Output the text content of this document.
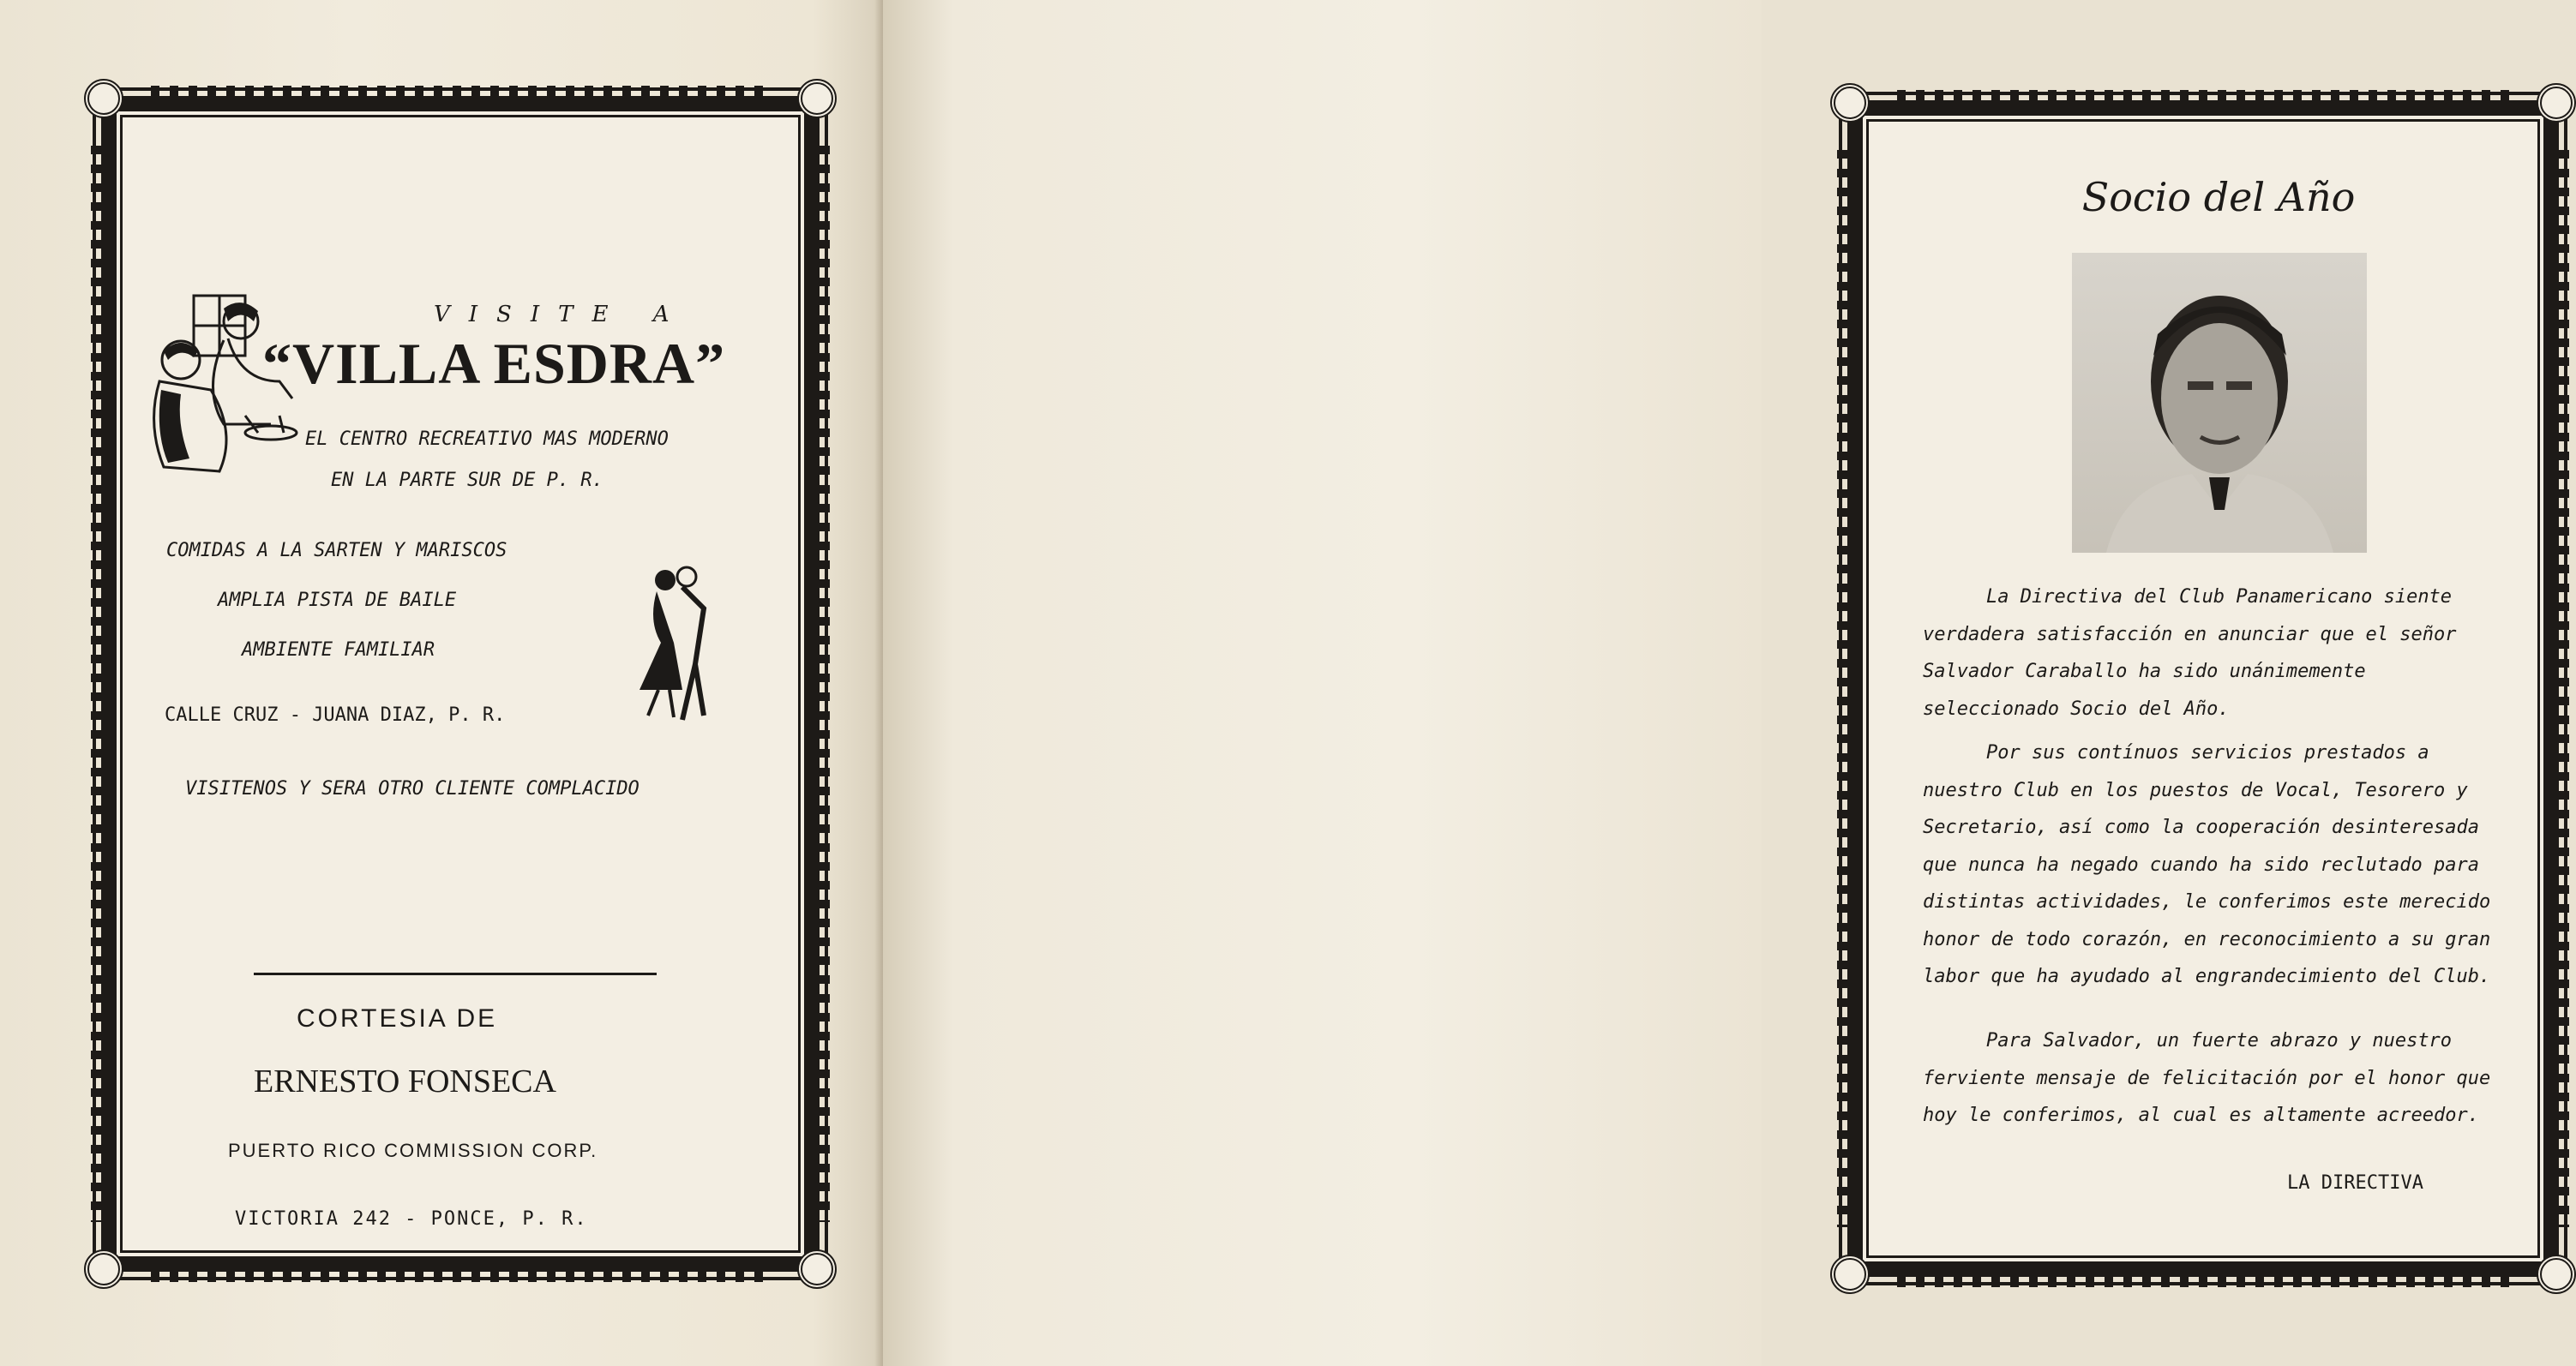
VISITE A

“VILLA ESDRA”

EL CENTRO RECREATIVO MAS MODERNO

EN LA PARTE SUR DE P. R.

COMIDAS A LA SARTEN Y MARISCOS

AMPLIA PISTA DE BAILE

AMBIENTE FAMILIAR

CALLE CRUZ - JUANA DIAZ, P. R.

VISITENOS Y SERA OTRO CLIENTE COMPLACIDO

CORTESIA DE

ERNESTO FONSECA

PUERTO RICO COMMISSION CORP.

VICTORIA 242 - PONCE, P. R.

Socio del Año

La Directiva del Club Panamericano siente verdadera satisfacción en anunciar que el señor Salvador Caraballo ha sido unánimemente seleccionado Socio del Año.

Por sus contínuos servicios prestados a nuestro Club en los puestos de Vocal, Tesorero y Secretario, así como la cooperación desinteresada que nunca ha negado cuando ha sido reclutado para distintas actividades, le conferimos este merecido honor de todo corazón, en reconocimiento a su gran labor que ha ayudado al engrandecimiento del Club.

Para Salvador, un fuerte abrazo y nuestro ferviente mensaje de felicitación por el honor que hoy le conferimos, al cual es altamente acreedor.

LA DIRECTIVA
